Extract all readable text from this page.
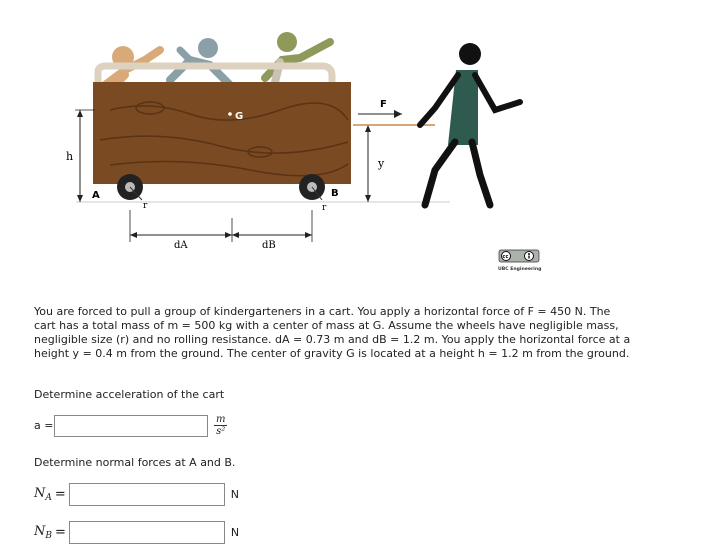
G
A	B
r	r
h
y
F
dA	dB
cc
UBC Engineering
You are forced to pull a group of kindergarteners in a cart. You apply a horizontal force of F = 450 N. The cart has a total mass of m = 500 kg with a center of mass at G. Assume the wheels have negligible mass, negligible size (r) and no rolling resistance. dA = 0.73 m and dB = 1.2 m. You apply the horizontal force at a height y = 0.4 m from the ground. The center of gravity G is located at a height h = 1.2 m from the ground.
Determine acceleration of the cart
a =	$\frac{m}{\text{s²}}$
Determine normal forces at A and B.
$N_A$ =	N
$N_B$ =	N
